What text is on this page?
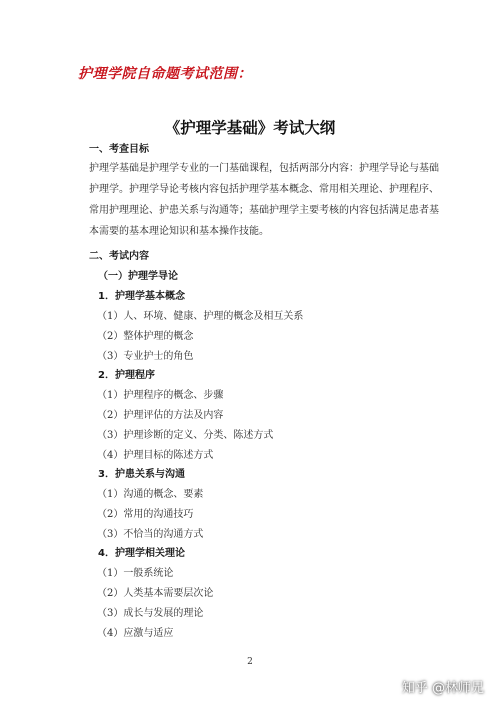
护理学院自命题考试范围：
《护理学基础》考试大纲
一、考查目标
护理学基础是护理学专业的一门基础课程，包括两部分内容：护理学导论与基础护理学。护理学导论考核内容包括护理学基本概念、常用相关理论、护理程序、常用护理理论、护患关系与沟通等；基础护理学主要考核的内容包括满足患者基本需要的基本理论知识和基本操作技能。
二、考试内容
（一）护理学导论
1．护理学基本概念
（1）人、环境、健康、护理的概念及相互关系
（2）整体护理的概念
（3）专业护士的角色
2．护理程序
（1）护理程序的概念、步骤
（2）护理评估的方法及内容
（3）护理诊断的定义、分类、陈述方式
（4）护理目标的陈述方式
3．护患关系与沟通
（1）沟通的概念、要素
（2）常用的沟通技巧
（3）不恰当的沟通方式
4．护理学相关理论
（1）一般系统论
（2）人类基本需要层次论
（3）成长与发展的理论
（4）应激与适应
2
知乎 @林师兄
